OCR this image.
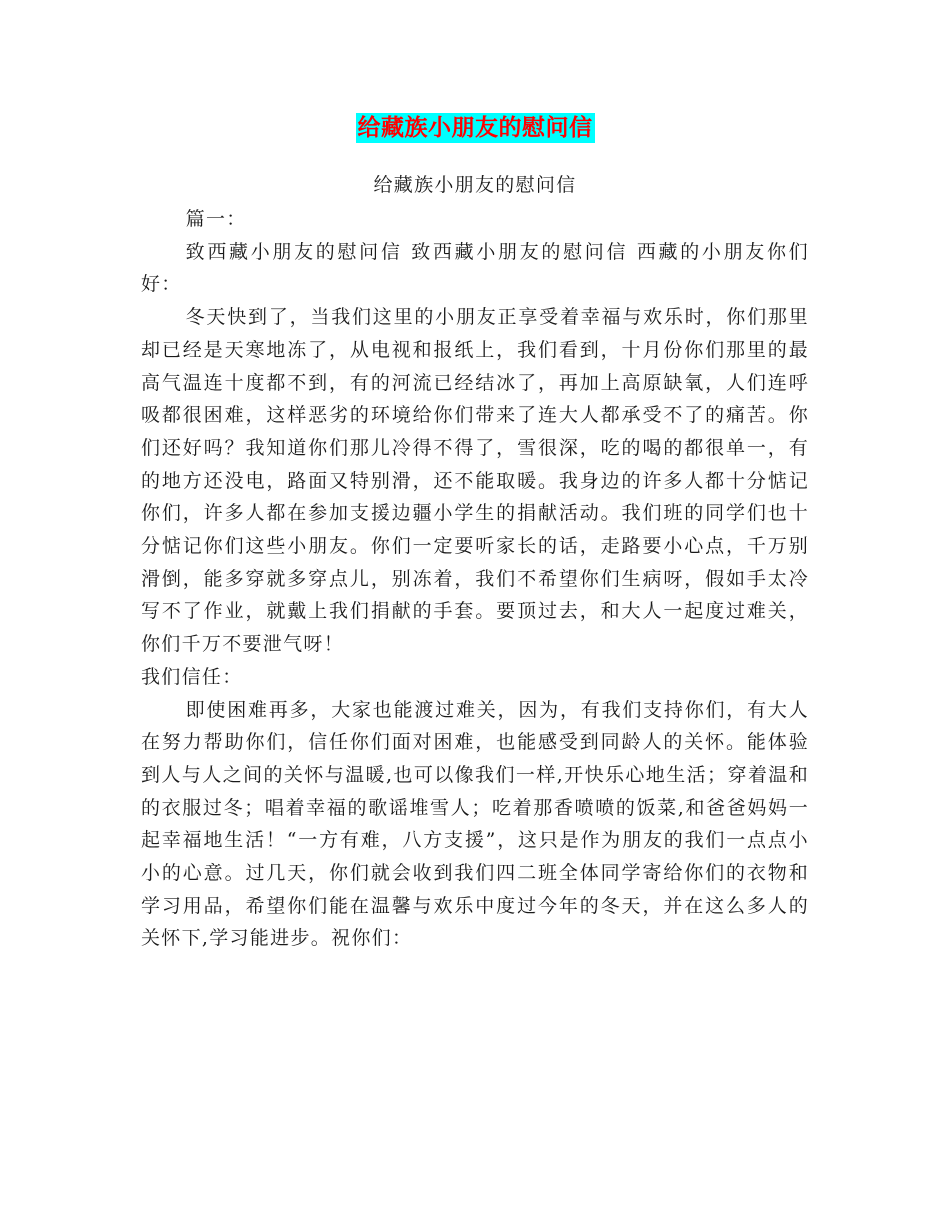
给藏族小朋友的慰问信
给藏族小朋友的慰问信

篇一：

致西藏小朋友的慰问信 致西藏小朋友的慰问信 西藏的小朋友你们好：

冬天快到了，当我们这里的小朋友正享受着幸福与欢乐时，你们那里却已经是天寒地冻了，从电视和报纸上，我们看到，十月份你们那里的最高气温连十度都不到，有的河流已经结冰了，再加上高原缺氧，人们连呼吸都很困难，这样恶劣的环境给你们带来了连大人都承受不了的痛苦。你们还好吗？我知道你们那儿冷得不得了，雪很深，吃的喝的都很单一，有的地方还没电，路面又特别滑，还不能取暖。我身边的许多人都十分惦记你们，许多人都在参加支援边疆小学生的捐献活动。我们班的同学们也十分惦记你们这些小朋友。你们一定要听家长的话，走路要小心点，千万别滑倒，能多穿就多穿点儿，别冻着，我们不希望你们生病呀，假如手太冷写不了作业，就戴上我们捐献的手套。要顶过去，和大人一起度过难关，你们千万不要泄气呀！

我们信任：

即使困难再多，大家也能渡过难关，因为，有我们支持你们，有大人在努力帮助你们，信任你们面对困难，也能感受到同龄人的关怀。能体验到人与人之间的关怀与温暖,也可以像我们一样,开快乐心地生活；穿着温和的衣服过冬；唱着幸福的歌谣堆雪人；吃着那香喷喷的饭菜,和爸爸妈妈一起幸福地生活！“一方有难，八方支援”，这只是作为朋友的我们一点点小小的心意。过几天，你们就会收到我们四二班全体同学寄给你们的衣物和学习用品，希望你们能在温馨与欢乐中度过今年的冬天，并在这么多人的关怀下,学习能进步。祝你们：
